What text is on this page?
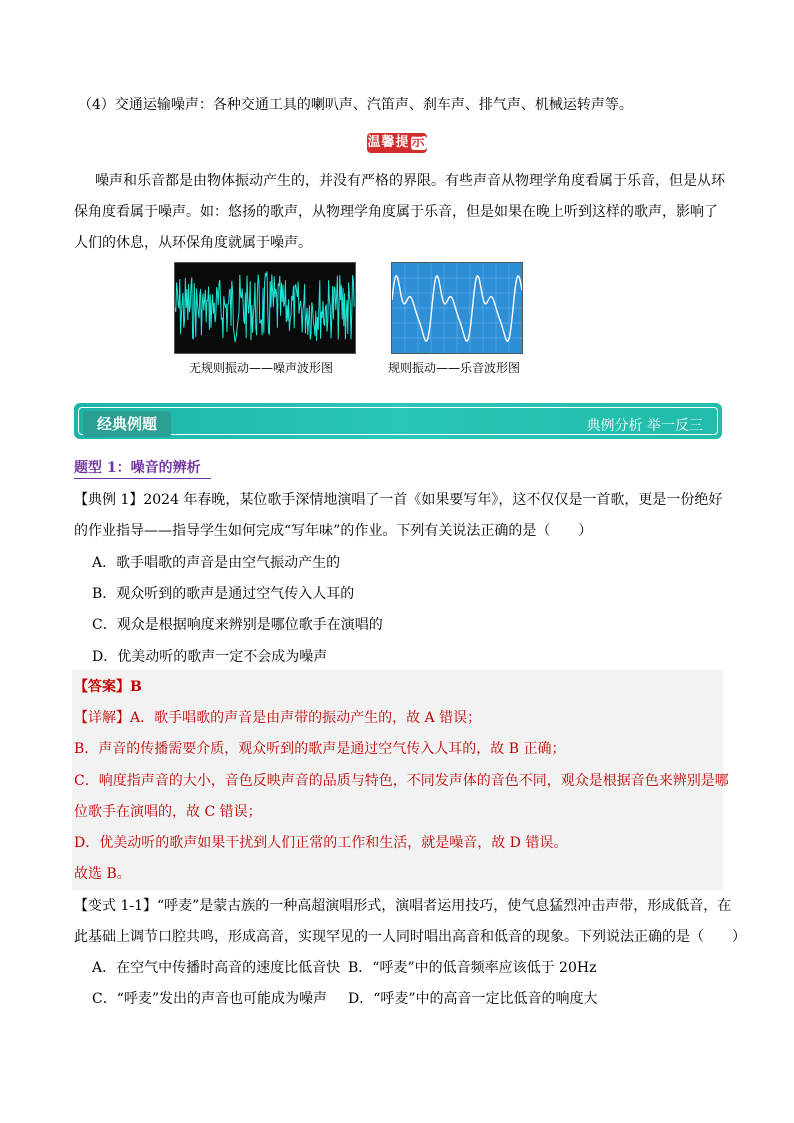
（4）交通运输噪声：各种交通工具的喇叭声、汽笛声、刹车声、排气声、机械运转声等。
温馨提 示
噪声和乐音都是由物体振动产生的，并没有严格的界限。有些声音从物理学角度看属于乐音，但是从环
保角度看属于噪声。如：悠扬的歌声，从物理学角度属于乐音，但是如果在晚上听到这样的歌声，影响了
人们的休息，从环保角度就属于噪声。
无规则振动——噪声波形图	规则振动——乐音波形图
经典例题	典例分析 举一反三
题型 1：噪音的辨析
【典例 1】2024 年春晚，某位歌手深情地演唱了一首《如果要写年》，这不仅仅是一首歌，更是一份绝好
的作业指导——指导学生如何完成“写年味”的作业。下列有关说法正确的是（　　）
A．歌手唱歌的声音是由空气振动产生的
B．观众听到的歌声是通过空气传入人耳的
C．观众是根据响度来辨别是哪位歌手在演唱的
D．优美动听的歌声一定不会成为噪声
【答案】B
【详解】A．歌手唱歌的声音是由声带的振动产生的，故 A 错误；
B．声音的传播需要介质，观众听到的歌声是通过空气传入人耳的，故 B 正确；
C．响度指声音的大小，音色反映声音的品质与特色，不同发声体的音色不同，观众是根据音色来辨别是哪
位歌手在演唱的，故 C 错误；
D．优美动听的歌声如果干扰到人们正常的工作和生活，就是噪音，故 D 错误。
故选 B。
【变式 1-1】“呼麦”是蒙古族的一种高超演唱形式，演唱者运用技巧，使气息猛烈冲击声带，形成低音，在
此基础上调节口腔共鸣，形成高音，实现罕见的一人同时唱出高音和低音的现象。下列说法正确的是（　　）
A．在空气中传播时高音的速度比低音快 B．“呼麦”中的低音频率应该低于 20Hz
C．“呼麦”发出的声音也可能成为噪声 D．“呼麦”中的高音一定比低音的响度大
